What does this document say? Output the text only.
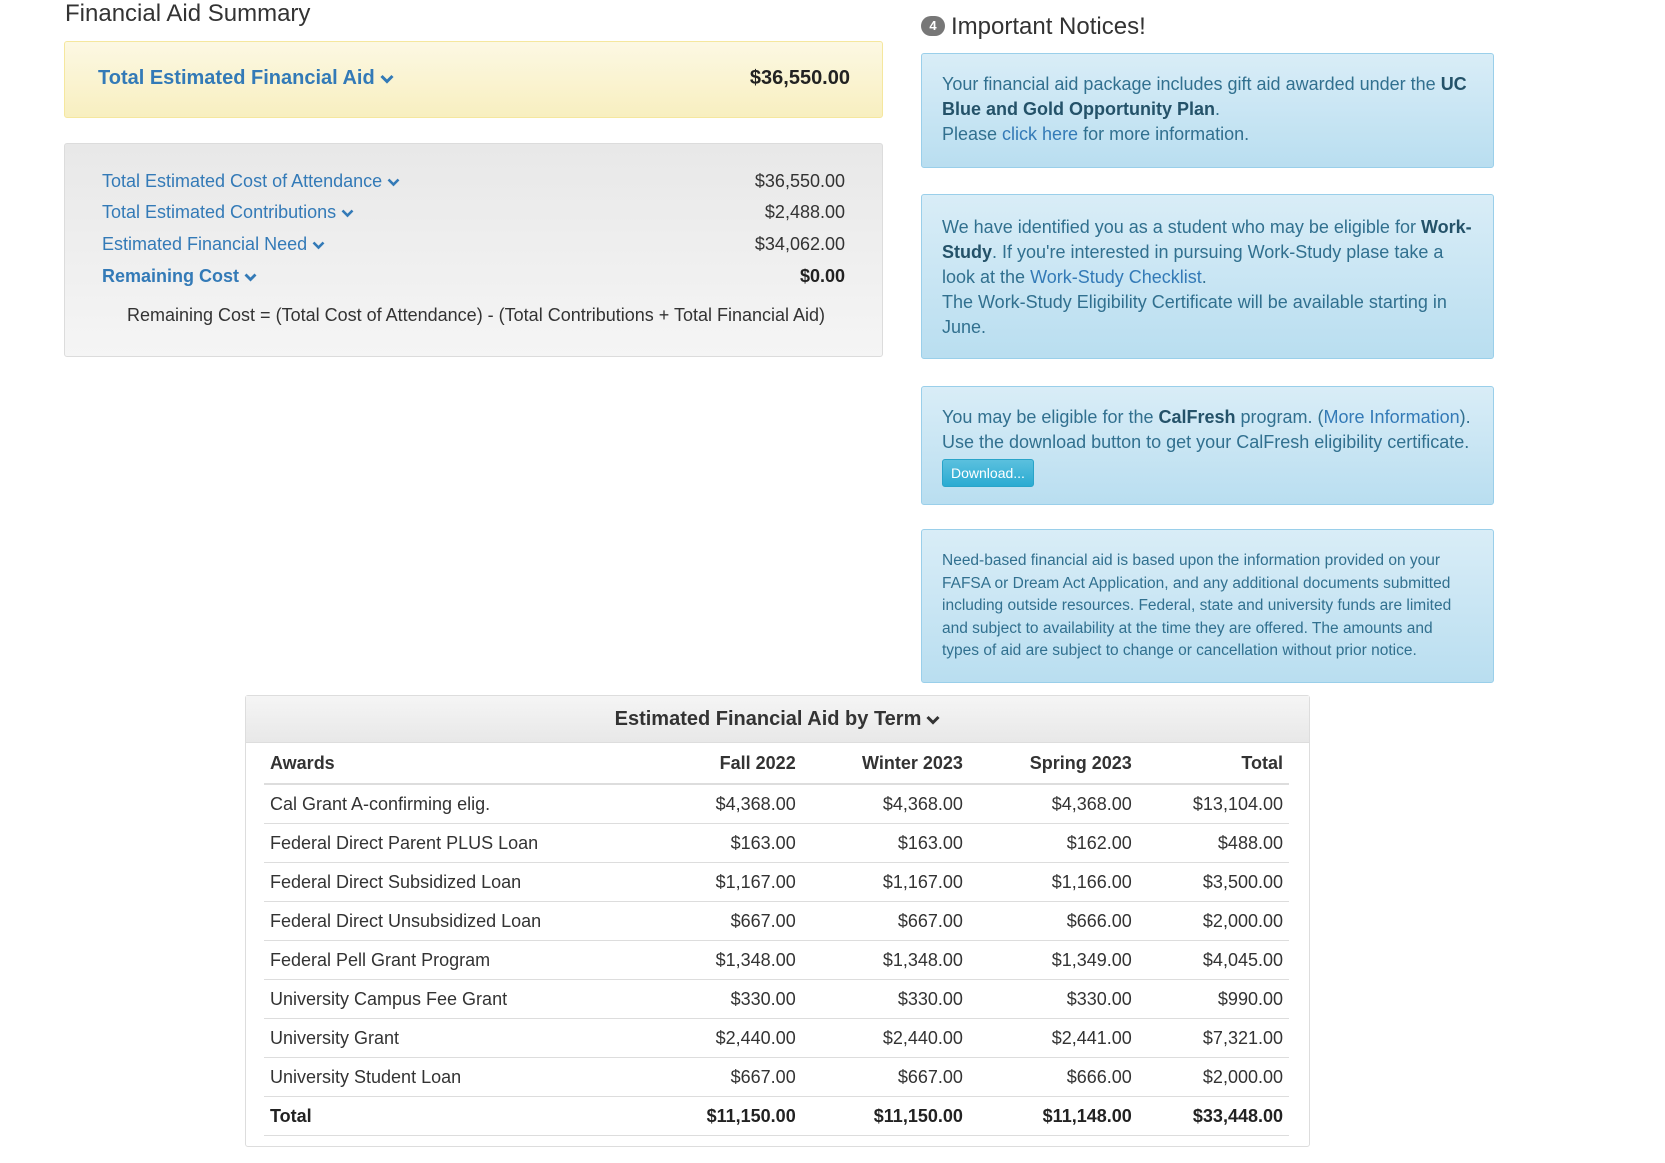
Financial Aid Summary
Total Estimated Financial Aid	$36,550.00
Total Estimated Cost of Attendance	$36,550.00
Total Estimated Contributions	$2,488.00
Estimated Financial Need	$34,062.00
Remaining Cost	$0.00
Remaining Cost = (Total Cost of Attendance) - (Total Contributions + Total Financial Aid)
4 Important Notices!
Your financial aid package includes gift aid awarded under the UC Blue and Gold Opportunity Plan.
Please click here for more information.
We have identified you as a student who may be eligible for Work-Study. If you're interested in pursuing Work-Study plase take a look at the Work-Study Checklist.
The Work-Study Eligibility Certificate will be available starting in June.
You may be eligible for the CalFresh program. (More Information).
Use the download button to get your CalFresh eligibility certificate.
Download...
Need-based financial aid is based upon the information provided on your FAFSA or Dream Act Application, and any additional documents submitted including outside resources. Federal, state and university funds are limited and subject to availability at the time they are offered. The amounts and types of aid are subject to change or cancellation without prior notice.
Estimated Financial Aid by Term
Awards	Fall 2022	Winter 2023	Spring 2023	Total
Cal Grant A-confirming elig.	$4,368.00	$4,368.00	$4,368.00	$13,104.00
Federal Direct Parent PLUS Loan	$163.00	$163.00	$162.00	$488.00
Federal Direct Subsidized Loan	$1,167.00	$1,167.00	$1,166.00	$3,500.00
Federal Direct Unsubsidized Loan	$667.00	$667.00	$666.00	$2,000.00
Federal Pell Grant Program	$1,348.00	$1,348.00	$1,349.00	$4,045.00
University Campus Fee Grant	$330.00	$330.00	$330.00	$990.00
University Grant	$2,440.00	$2,440.00	$2,441.00	$7,321.00
University Student Loan	$667.00	$667.00	$666.00	$2,000.00
Total	$11,150.00	$11,150.00	$11,148.00	$33,448.00
